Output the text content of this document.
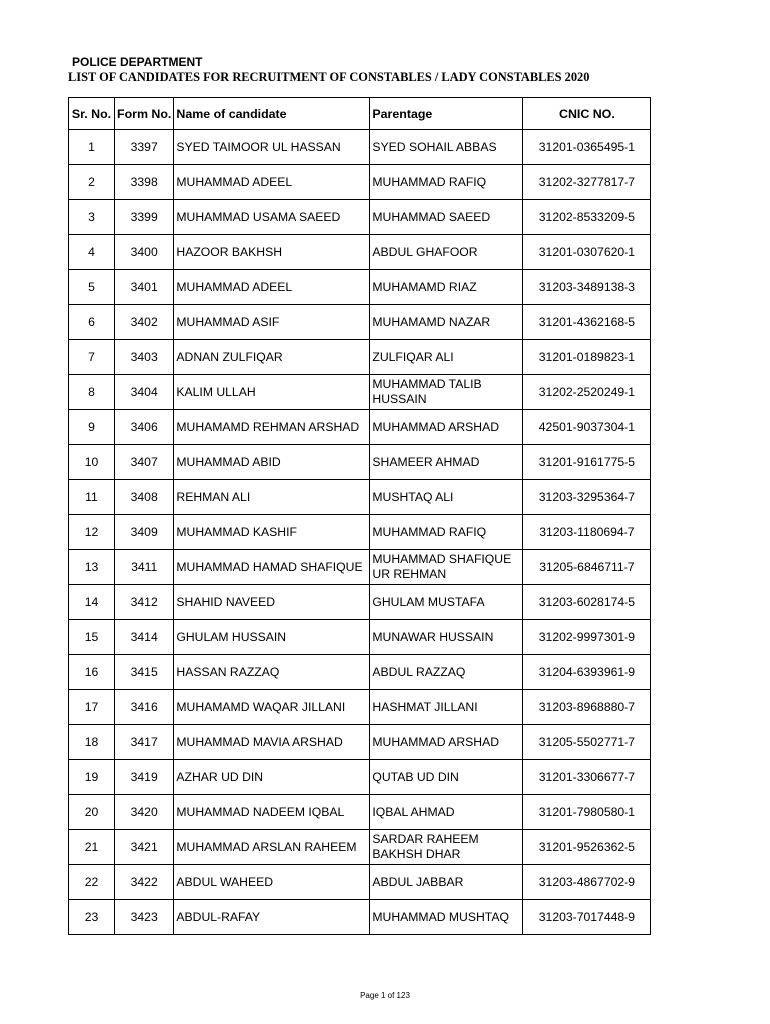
POLICE DEPARTMENT
LIST OF CANDIDATES FOR RECRUITMENT OF CONSTABLES / LADY CONSTABLES 2020
Sr. No.	Form No.	Name of candidate	Parentage	CNIC NO.
1	3397	SYED TAIMOOR UL HASSAN	SYED SOHAIL ABBAS	31201-0365495-1
2	3398	MUHAMMAD ADEEL	MUHAMMAD RAFIQ	31202-3277817-7
3	3399	MUHAMMAD USAMA SAEED	MUHAMMAD SAEED	31202-8533209-5
4	3400	HAZOOR BAKHSH	ABDUL GHAFOOR	31201-0307620-1
5	3401	MUHAMMAD ADEEL	MUHAMAMD RIAZ	31203-3489138-3
6	3402	MUHAMMAD ASIF	MUHAMAMD NAZAR	31201-4362168-5
7	3403	ADNAN ZULFIQAR	ZULFIQAR ALI	31201-0189823-1
8	3404	KALIM ULLAH	MUHAMMAD TALIB HUSSAIN	31202-2520249-1
9	3406	MUHAMAMD REHMAN ARSHAD	MUHAMMAD ARSHAD	42501-9037304-1
10	3407	MUHAMMAD ABID	SHAMEER AHMAD	31201-9161775-5
11	3408	REHMAN ALI	MUSHTAQ ALI	31203-3295364-7
12	3409	MUHAMMAD KASHIF	MUHAMMAD RAFIQ	31203-1180694-7
13	3411	MUHAMMAD HAMAD SHAFIQUE	MUHAMMAD SHAFIQUE UR REHMAN	31205-6846711-7
14	3412	SHAHID NAVEED	GHULAM MUSTAFA	31203-6028174-5
15	3414	GHULAM HUSSAIN	MUNAWAR HUSSAIN	31202-9997301-9
16	3415	HASSAN RAZZAQ	ABDUL RAZZAQ	31204-6393961-9
17	3416	MUHAMAMD WAQAR JILLANI	HASHMAT JILLANI	31203-8968880-7
18	3417	MUHAMMAD MAVIA ARSHAD	MUHAMMAD ARSHAD	31205-5502771-7
19	3419	AZHAR UD DIN	QUTAB UD DIN	31201-3306677-7
20	3420	MUHAMMAD NADEEM IQBAL	IQBAL AHMAD	31201-7980580-1
21	3421	MUHAMMAD ARSLAN RAHEEM	SARDAR RAHEEM BAKHSH DHAR	31201-9526362-5
22	3422	ABDUL WAHEED	ABDUL JABBAR	31203-4867702-9
23	3423	ABDUL-RAFAY	MUHAMMAD MUSHTAQ	31203-7017448-9
Page 1 of 123
